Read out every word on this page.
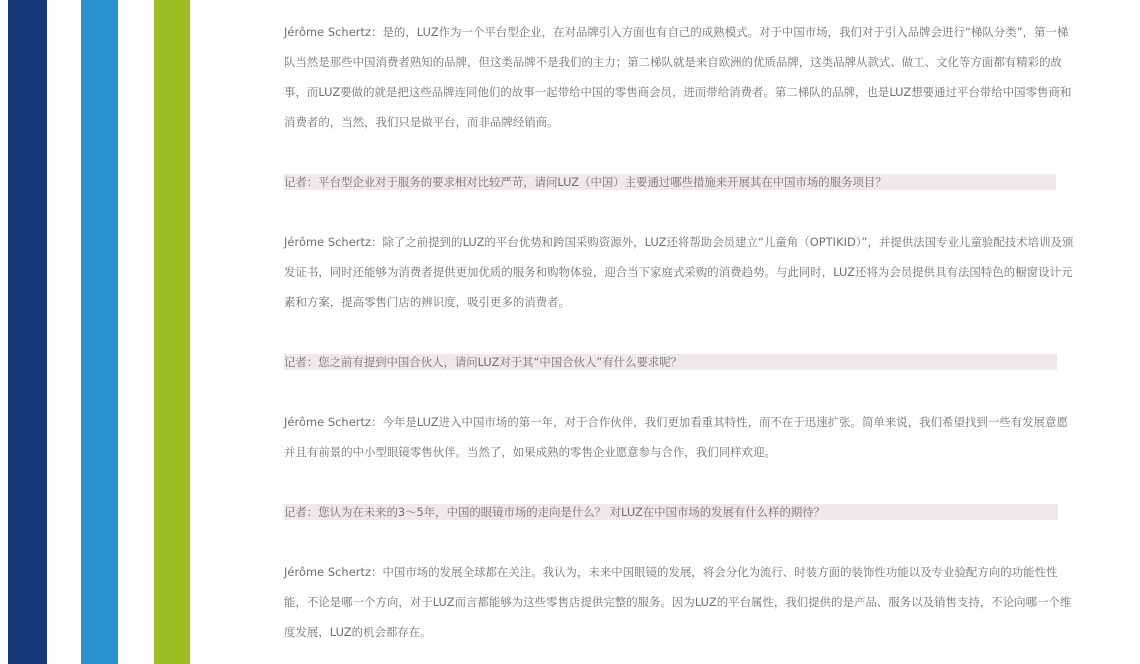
Jérôme Schertz：是的，LUZ作为一个平台型企业，在对品牌引入方面也有自己的成熟模式。对于中国市场，我们对于引入品牌会进行“梯队分类”，第一梯队当然是那些中国消费者熟知的品牌，但这类品牌不是我们的主力；第二梯队就是来自欧洲的优质品牌，这类品牌从款式、做工、文化等方面都有精彩的故事，而LUZ要做的就是把这些品牌连同他们的故事一起带给中国的零售商会员，进而带给消费者。第二梯队的品牌，也是LUZ想要通过平台带给中国零售商和消费者的，当然，我们只是做平台，而非品牌经销商。
记者：平台型企业对于服务的要求相对比较严苛，请问LUZ（中国）主要通过哪些措施来开展其在中国市场的服务项目？
Jérôme Schertz：除了之前提到的LUZ的平台优势和跨国采购资源外，LUZ还将帮助会员建立“儿童角（OPTIKID）”，并提供法国专业儿童验配技术培训及颁发证书，同时还能够为消费者提供更加优质的服务和购物体验，迎合当下家庭式采购的消费趋势。与此同时，LUZ还将为会员提供具有法国特色的橱窗设计元素和方案，提高零售门店的辨识度，吸引更多的消费者。
记者：您之前有提到中国合伙人，请问LUZ对于其“中国合伙人”有什么要求呢？
Jérôme Schertz：今年是LUZ进入中国市场的第一年，对于合作伙伴，我们更加看重其特性，而不在于迅速扩张。简单来说，我们希望找到一些有发展意愿并且有前景的中小型眼镜零售伙伴。当然了，如果成熟的零售企业愿意参与合作，我们同样欢迎。
记者：您认为在未来的3～5年，中国的眼镜市场的走向是什么？ 对LUZ在中国市场的发展有什么样的期待？
Jérôme Schertz：中国市场的发展全球都在关注。我认为，未来中国眼镜的发展，将会分化为流行、时装方面的装饰性功能以及专业验配方向的功能性性能，不论是哪一个方向，对于LUZ而言都能够为这些零售店提供完整的服务。因为LUZ的平台属性，我们提供的是产品、服务以及销售支持，不论向哪一个维度发展，LUZ的机会都存在。
